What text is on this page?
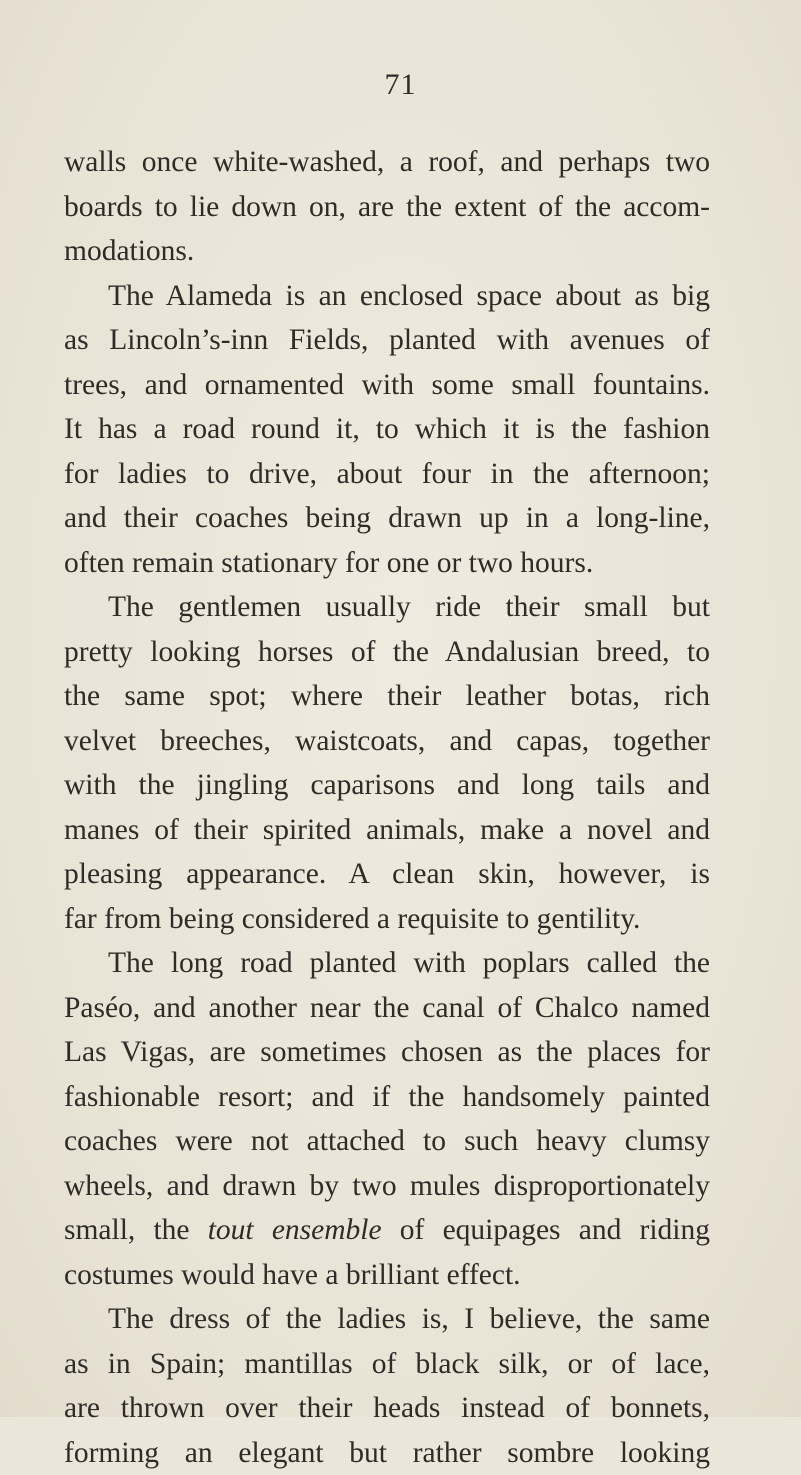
71
walls once white-washed, a roof, and perhaps two
boards to lie down on, are the extent of the accom-
modations.
The Alameda is an enclosed space about as big
as Lincoln’s-inn Fields, planted with avenues of
trees, and ornamented with some small fountains.
It has a road round it, to which it is the fashion
for ladies to drive, about four in the afternoon;
and their coaches being drawn up in a long-line,
often remain stationary for one or two hours.
The gentlemen usually ride their small but
pretty looking horses of the Andalusian breed, to
the same spot; where their leather botas, rich
velvet breeches, waistcoats, and capas, together
with the jingling caparisons and long tails and
manes of their spirited animals, make a novel and
pleasing appearance. A clean skin, however, is
far from being considered a requisite to gentility.
The long road planted with poplars called the
Paséo, and another near the canal of Chalco named
Las Vigas, are sometimes chosen as the places for
fashionable resort; and if the handsomely painted
coaches were not attached to such heavy clumsy
wheels, and drawn by two mules disproportionately
small, the tout ensemble of equipages and riding
costumes would have a brilliant effect.
The dress of the ladies is, I believe, the same
as in Spain; mantillas of black silk, or of lace,
are thrown over their heads instead of bonnets,
forming an elegant but rather sombre looking
